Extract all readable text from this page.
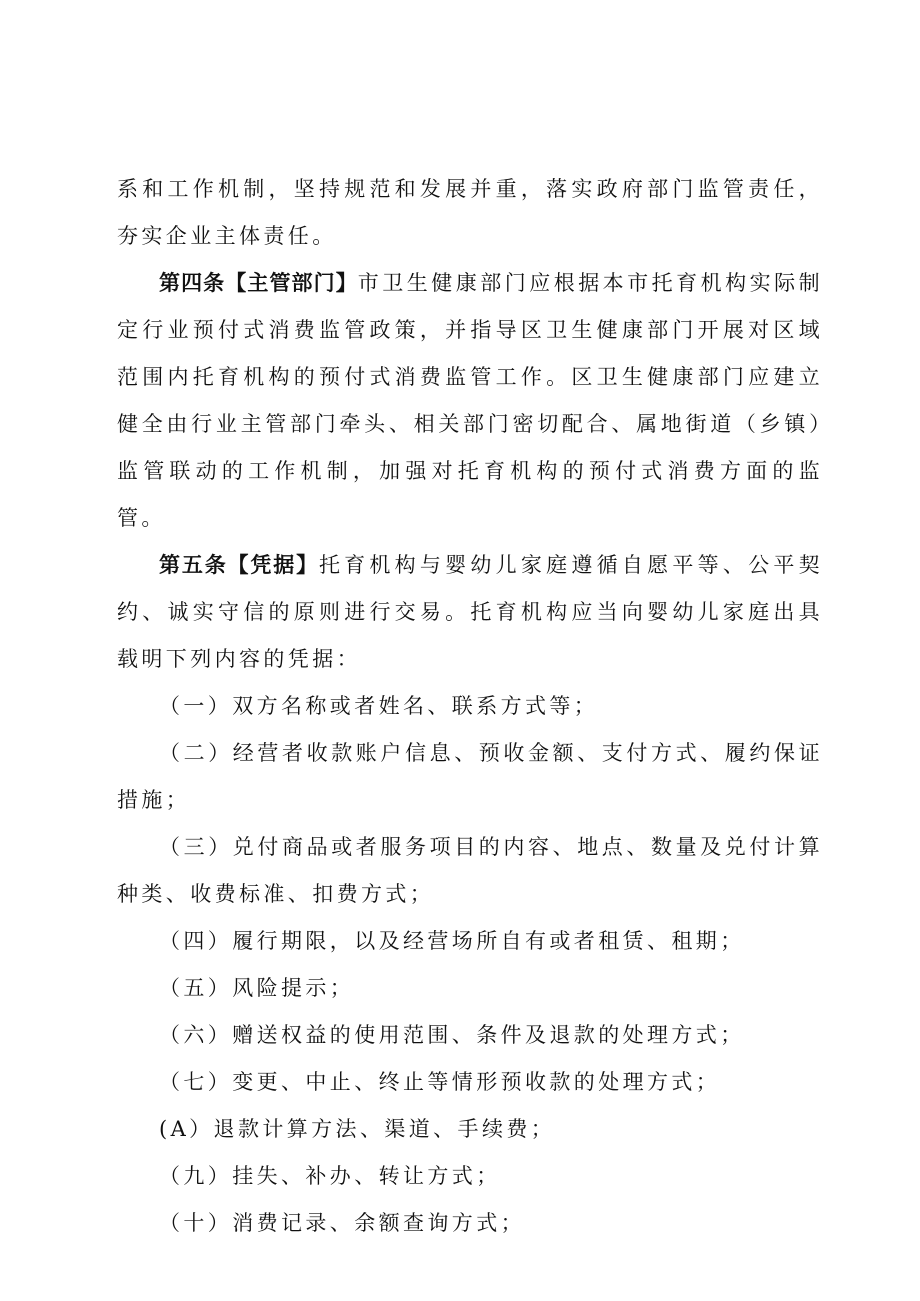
系和工作机制，坚持规范和发展并重，落实政府部门监管责任，夯实企业主体责任。

第四条【主管部门】市卫生健康部门应根据本市托育机构实际制定行业预付式消费监管政策，并指导区卫生健康部门开展对区域范围内托育机构的预付式消费监管工作。区卫生健康部门应建立健全由行业主管部门牵头、相关部门密切配合、属地街道（乡镇）监管联动的工作机制，加强对托育机构的预付式消费方面的监管。

第五条【凭据】托育机构与婴幼儿家庭遵循自愿平等、公平契约、诚实守信的原则进行交易。托育机构应当向婴幼儿家庭出具载明下列内容的凭据：

（一）双方名称或者姓名、联系方式等；

（二）经营者收款账户信息、预收金额、支付方式、履约保证措施；

（三）兑付商品或者服务项目的内容、地点、数量及兑付计算种类、收费标准、扣费方式；

（四）履行期限，以及经营场所自有或者租赁、租期；

（五）风险提示；

（六）赠送权益的使用范围、条件及退款的处理方式；

（七）变更、中止、终止等情形预收款的处理方式；

(A）退款计算方法、渠道、手续费；

（九）挂失、补办、转让方式；

（十）消费记录、余额查询方式；
